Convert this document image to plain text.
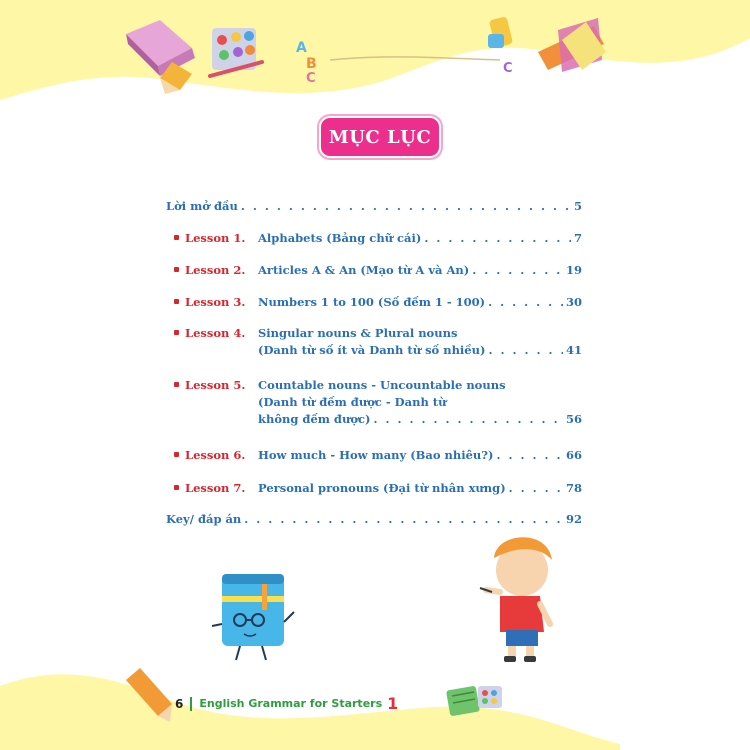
A
B
C
C
MỤC LỤC
Lời mở đầu . . .	5
Lesson 1. Alphabets (Bảng chữ cái) . . .	7
Lesson 2. Articles A & An (Mạo từ A và An) . . .	19
Lesson 3. Numbers 1 to 100 (Số đếm 1 - 100) . . .	30
Lesson 4. Singular nouns & Plural nouns
(Danh từ số ít và Danh từ số nhiều) . . .	41
Lesson 5. Countable nouns - Uncountable nouns
(Danh từ đếm được - Danh từ
không đếm được) . . .	56
Lesson 6. How much - How many (Bao nhiêu?) . . .	66
Lesson 7. Personal pronouns (Đại từ nhân xưng) . . .	78
Key/ đáp án . . .	92
6 English Grammar for Starters 1
